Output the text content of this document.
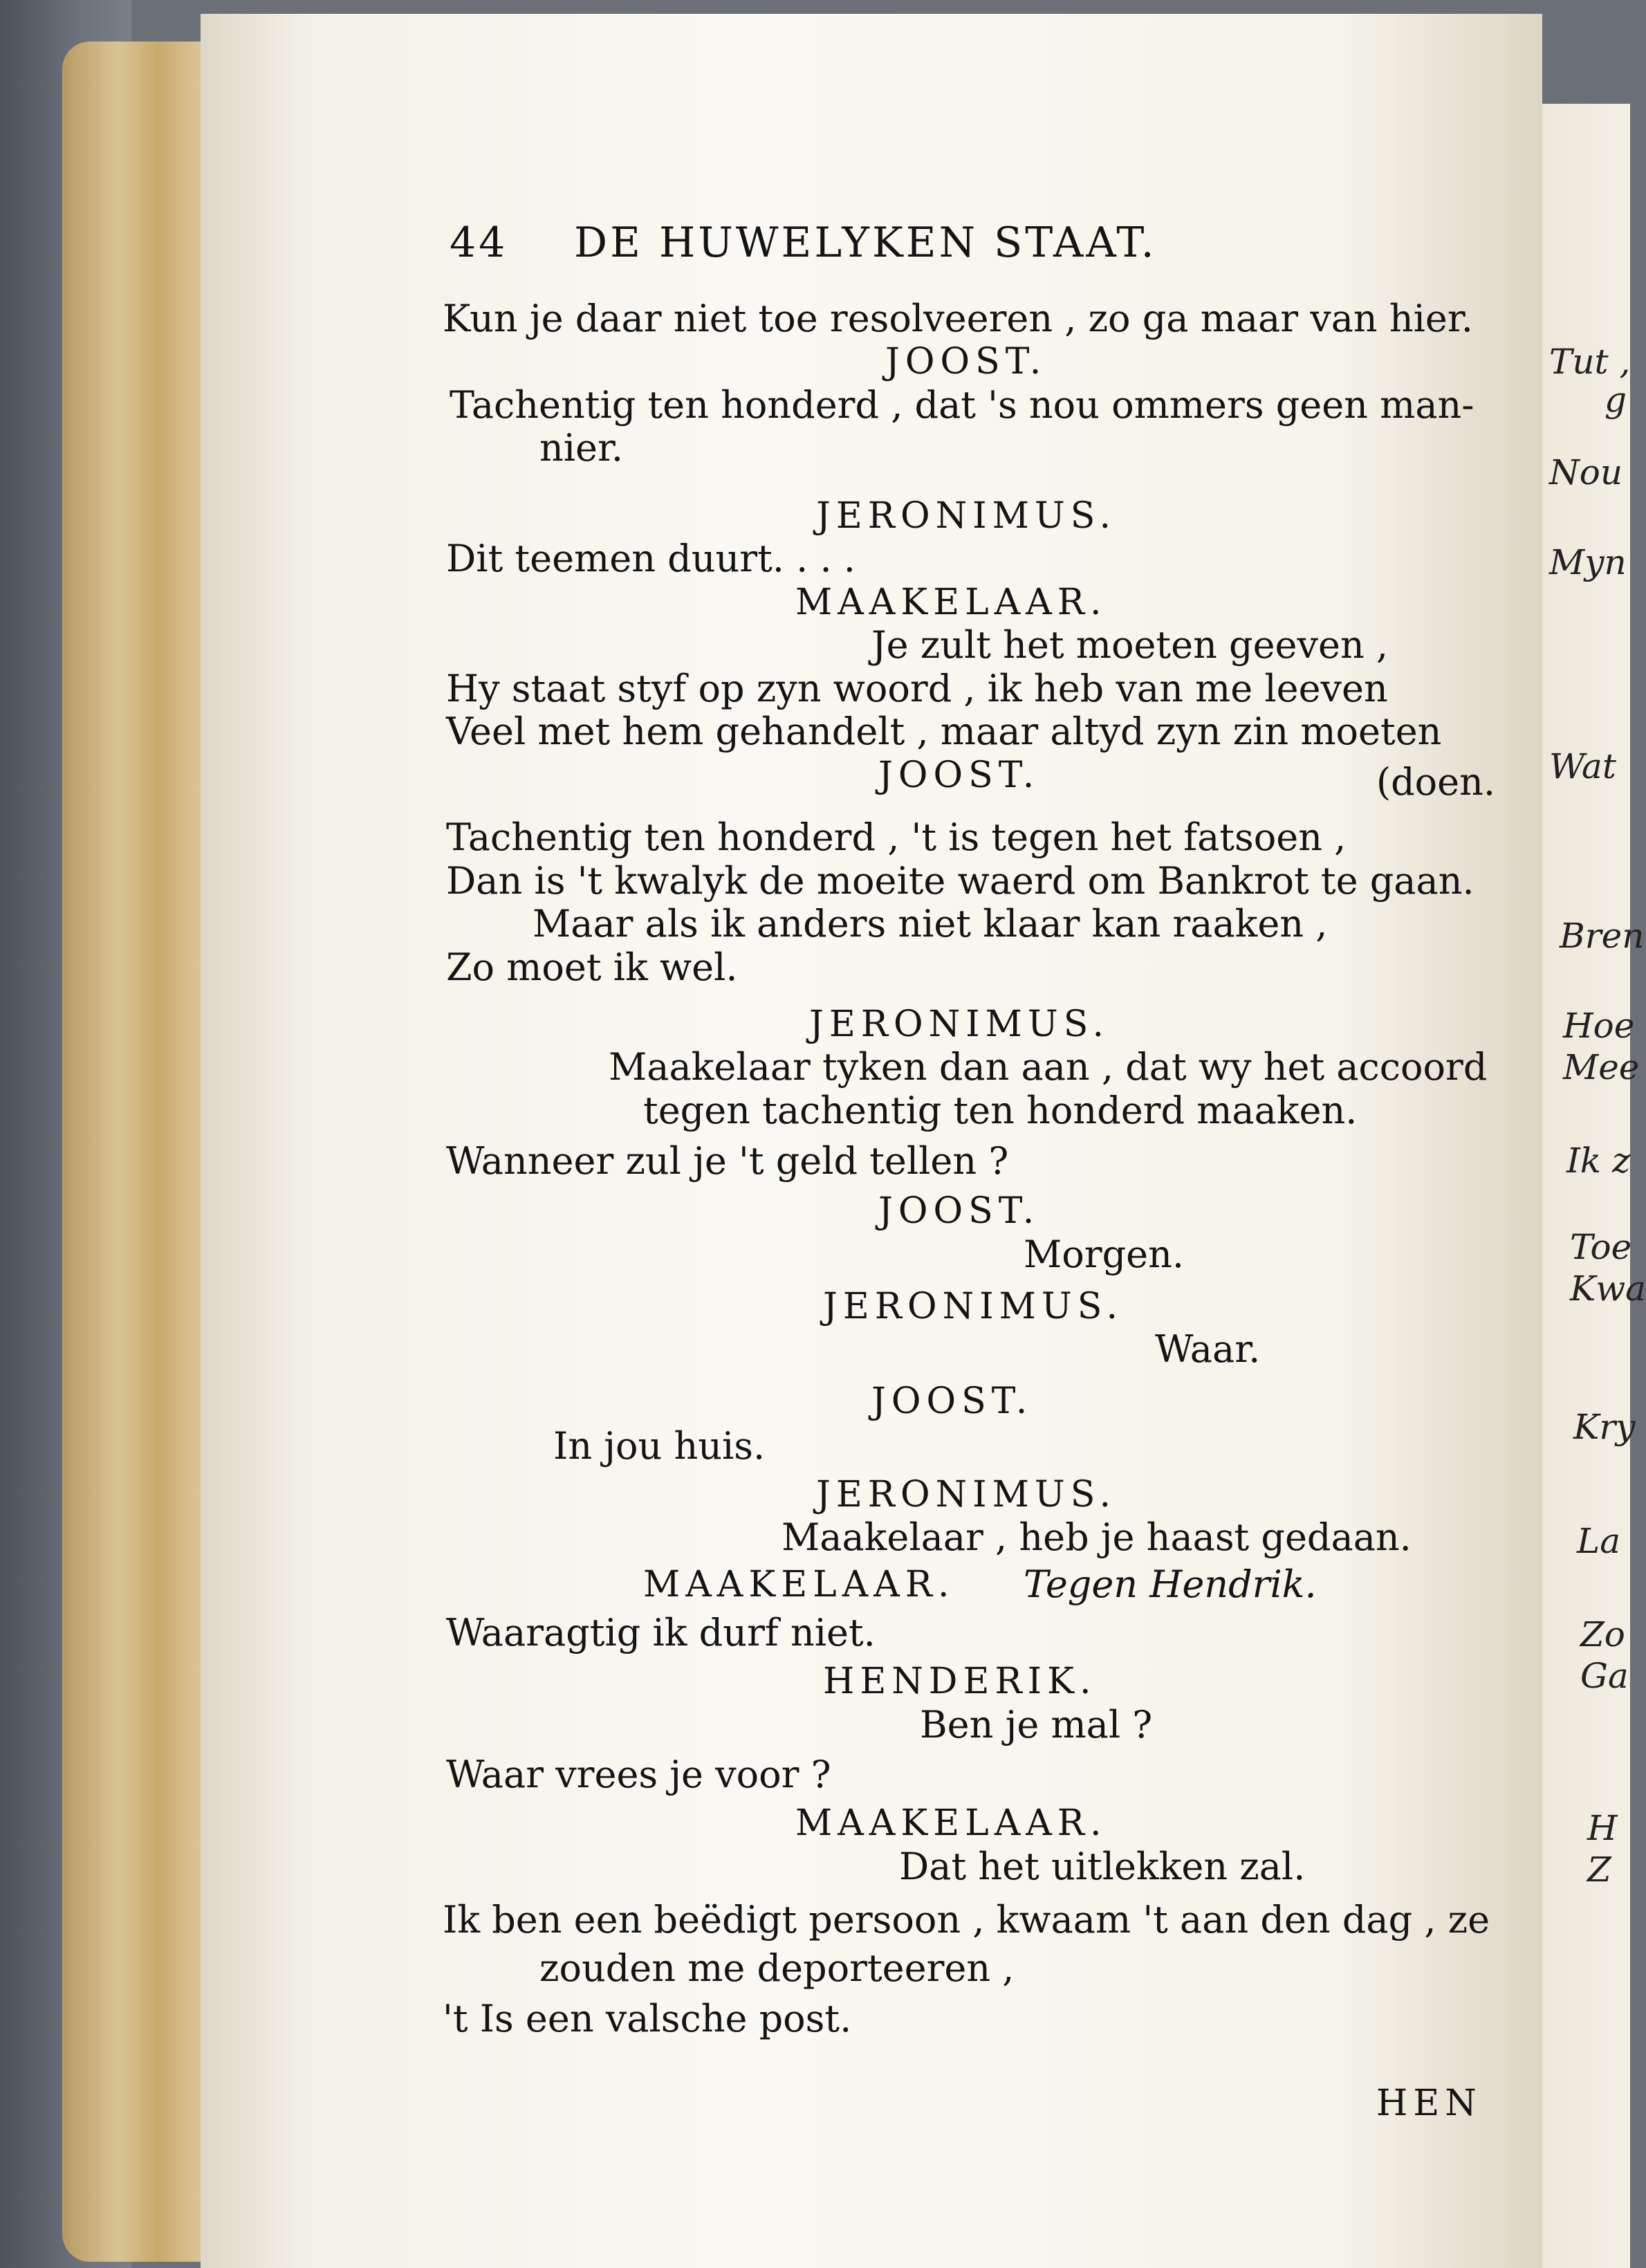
Tut ,
g
Nou
Myn
Wat
Bren
Hoe
Mee
Ik z
Toe
Kwa
Kry
La
Zo
Ga
H
Z
44 DE HUWELYKEN STAAT.
Kun je daar niet toe resolveeren , zo ga maar van hier.
JOOST.
Tachentig ten honderd , dat 's nou ommers geen man-
nier.
JERONIMUS.
Dit teemen duurt. . . .
MAAKELAAR.
Je zult het moeten geeven ,
Hy staat styf op zyn woord , ik heb van me leeven
Veel met hem gehandelt , maar altyd zyn zin moeten
JOOST.	(doen.
Tachentig ten honderd , 't is tegen het fatsoen ,
Dan is 't kwalyk de moeite waerd om Bankrot te gaan.
Maar als ik anders niet klaar kan raaken ,
Zo moet ik wel.
JERONIMUS.
Maakelaar tyken dan aan , dat wy het accoord
tegen tachentig ten honderd maaken.
Wanneer zul je 't geld tellen ?
JOOST.
Morgen.
JERONIMUS.
Waar.
JOOST.
In jou huis.
JERONIMUS.
Maakelaar , heb je haast gedaan.
MAAKELAAR. Tegen Hendrik.
Waaragtig ik durf niet.
HENDERIK.
Ben je mal ?
Waar vrees je voor ?
MAAKELAAR.
Dat het uitlekken zal.
Ik ben een beëdigt persoon , kwaam 't aan den dag , ze
zouden me deporteeren ,
't Is een valsche post.
HEN
